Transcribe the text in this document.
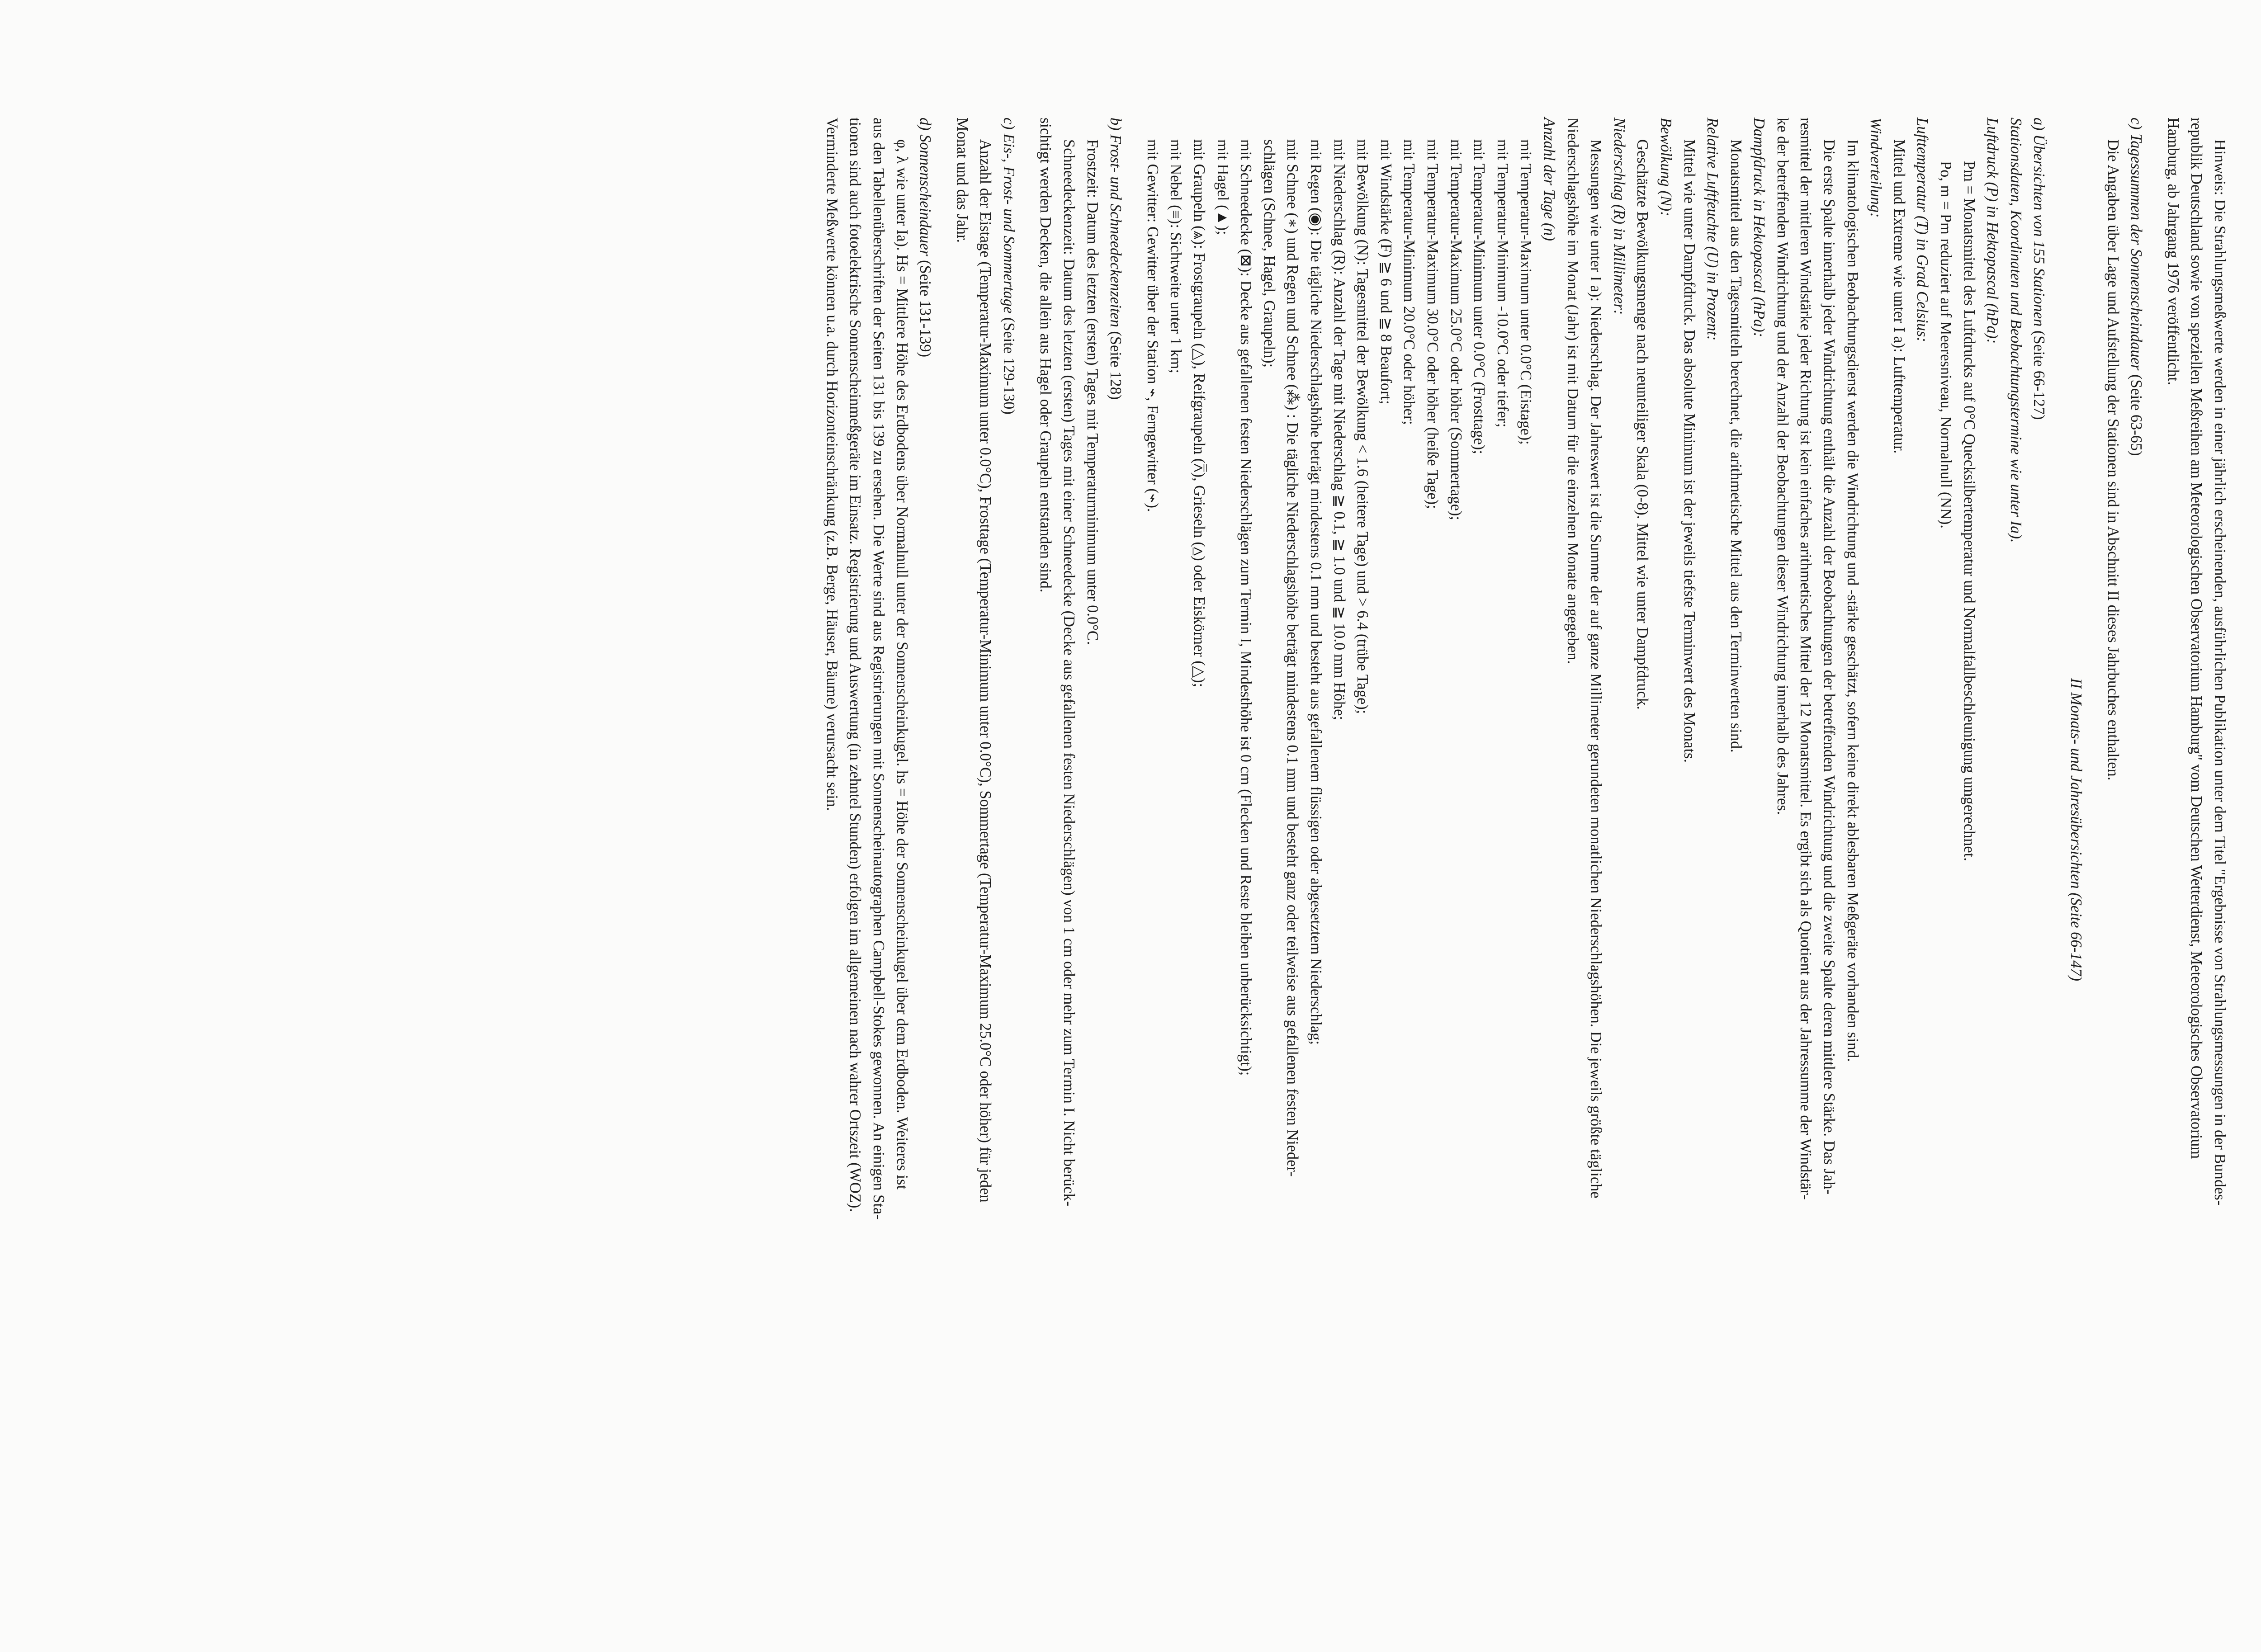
Hinweis: Die Strahlungsmeßwerte werden in einer jährlich erscheinenden, ausführlichen Publikation unter dem Titel "Ergebnisse von Strahlungsmessungen in der Bundes-

republik Deutschland sowie von speziellen Meßreihen am Meteorologischen Observatorium Hamburg" vom Deutschen Wetterdienst, Meteorologisches Observatorium

Hamburg, ab Jahrgang 1976 veröffentlicht.

c) Tagessummen der Sonnenscheindauer (Seite 63-65)

Die Angaben über Lage und Aufstellung der Stationen sind in Abschnitt II dieses Jahrbuches enthalten.

II Monats- und Jahresübersichten (Seite 66-147)

a) Übersichten von 155 Stationen (Seite 66-127)

Stationsdaten, Koordinaten und Beobachtungstermine wie unter Ia).

Luftdruck (P) in Hektopascal (hPa):

Pm = Monatsmittel des Luftdrucks auf 0°C Quecksilbertemperatur und Normalfallbeschleunigung umgerechnet.

Po, m = Pm reduziert auf Meeresniveau, Normalnull (NN).

Lufttemperatur (T) in Grad Celsius:

Mittel und Extreme wie unter I a): Lufttemperatur.

Windverteilung:

Im klimatologischen Beobachtungsdienst werden die Windrichtung und -stärke geschätzt, sofern keine direkt ablesbaren Meßgeräte vorhanden sind.

Die erste Spalte innerhalb jeder Windrichtung enthält die Anzahl der Beobachtungen der betreffenden Windrichtung und die zweite Spalte deren mittlere Stärke. Das Jah-

resmittel der mittleren Windstärke jeder Richtung ist kein einfaches arithmetisches Mittel der 12 Monatsmittel. Es ergibt sich als Quotient aus der Jahressumme der Windstär-

ke der betreffenden Windrichtung und der Anzahl der Beobachtungen dieser Windrichtung innerhalb des Jahres.

Dampfdruck in Hektopascal (hPa):

Monatsmittel aus den Tagesmitteln berechnet, die arithmetische Mittel aus den Terminwerten sind.

Relative Luftfeuchte (U) in Prozent:

Mittel wie unter Dampfdruck. Das absolute Minimum ist der jeweils tiefste Terminwert des Monats.

Bewölkung (N):

Geschätzte Bewölkungsmenge nach neunteiliger Skala (0-8). Mittel wie unter Dampfdruck.

Niederschlag (R) in Millimeter:

Messungen wie unter I a): Niederschlag. Der Jahreswert ist die Summe der auf ganze Millimeter gerundeten monatlichen Niederschlagshöhen. Die jeweils größte tägliche

Niederschlagshöhe im Monat (Jahr) ist mit Datum für die einzelnen Monate angegeben.

Anzahl der Tage (n)

mit Temperatur-Maximum unter 0.0°C (Eistage);

mit Temperatur-Minimum -10.0°C oder tiefer;

mit Temperatur-Minimum unter 0.0°C (Frosttage);

mit Temperatur-Maximum 25.0°C oder höher (Sommertage);

mit Temperatur-Maximum 30.0°C oder höher (heiße Tage);

mit Temperatur-Minimum 20.0°C oder höher;

mit Windstärke (F) ≧ 6 und ≧ 8 Beaufort;

mit Bewölkung (N): Tagesmittel der Bewölkung < 1.6 (heitere Tage) und > 6.4 (trübe Tage);

mit Niederschlag (R): Anzahl der Tage mit Niederschlag ≧ 0.1, ≧ 1.0 und ≧ 10.0 mm Höhe;

mit Regen (◉): Die tägliche Niederschlagshöhe beträgt mindestens 0.1 mm und besteht aus gefallenem flüssigen oder abgesetztem Niederschlag;

mit Schnee (∗) und Regen und Schnee (⁂) : Die tägliche Niederschlagshöhe beträgt mindestens 0.1 mm und besteht ganz oder teilweise aus gefallenen festen Nieder-

schlägen (Schnee, Hagel, Graupeln);

mit Schneedecke (⊠): Decke aus gefallenen festen Niederschlägen zum Termin I, Mindesthöhe ist 0 cm (Flecken und Reste bleiben unberücksichtigt);

mit Hagel (▲);

mit Graupeln (⩓): Frostgraupeln (△), Reifgraupeln (⩞), Grieseln (⩟) oder Eiskörner (△);

mit Nebel (≡): Sichtweite unter 1 km;

mit Gewitter: Gewitter über der Station ⌁, Ferngewitter (⌁).

b) Frost- und Schneedeckenzeiten (Seite 128)

Frostzeit: Datum des letzten (ersten) Tages mit Temperaturminimum unter 0.0°C.

Schneedeckenzeit: Datum des letzten (ersten) Tages mit einer Schneedecke (Decke aus gefallenen festen Niederschlägen) von 1 cm oder mehr zum Termin I. Nicht berück-

sichtigt werden Decken, die allein aus Hagel oder Graupeln entstanden sind.

c) Eis-, Frost- und Sommertage (Seite 129-130)

Anzahl der Eistage (Temperatur-Maximum unter 0.0°C), Frosttage (Temperatur-Minimum unter 0.0°C), Sommertage (Temperatur-Maximum 25.0°C oder höher) für jeden

Monat und das Jahr.

d) Sonnenscheindauer (Seite 131-139)

φ, λ wie unter Ia). Hs = Mittlere Höhe des Erdbodens über Normalnull unter der Sonnenscheinkugel. hs = Höhe der Sonnenscheinkugel über dem Erdboden. Weiteres ist

aus den Tabellenüberschriften der Seiten 131 bis 139 zu ersehen. Die Werte sind aus Registrierungen mit Sonnenscheinautographen Campbell-Stokes gewonnen. An einigen Sta-

tionen sind auch fotoelektrische Sonnenscheinmeßgeräte im Einsatz. Registrierung und Auswertung (in zehntel Stunden) erfolgen im allgemeinen nach wahrer Ortszeit (WOZ).

Verminderte Meßwerte können u.a. durch Horizonteinschränkung (z.B. Berge, Häuser, Bäume) verursacht sein.
